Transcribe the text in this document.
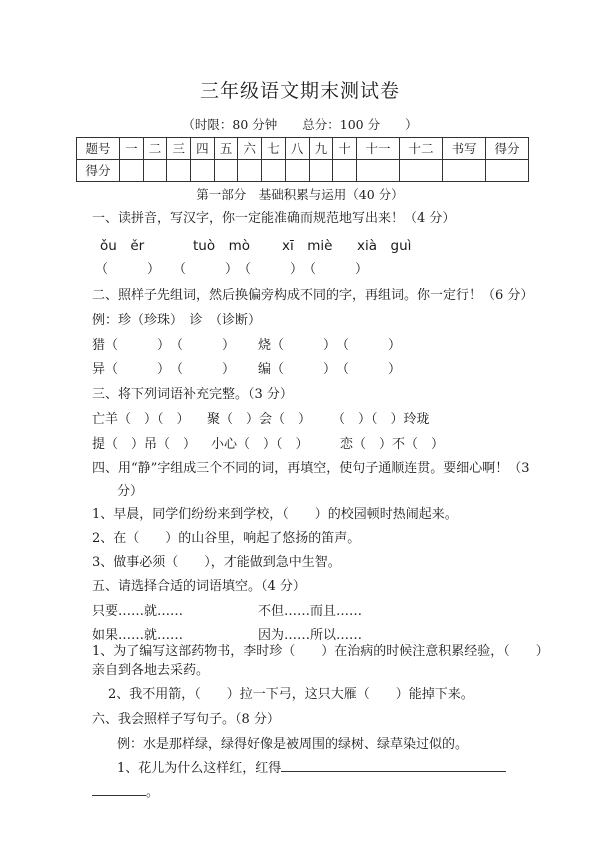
三年级语文期末测试卷
（时限：80 分钟　　总分：100 分　　）
题号	一	二	三	四	五	六	七	八	九	十	十一	十二	书写	得分
得分														
第一部分　基础积累与运用（40 分）
一、读拼音，写汉字，你一定能准确而规范地写出来！（4 分）
ǒu　ěr	tuò　mò xī　miè xià　guì
（　　　）　　（　　　）　（　　　）　（　　　）
二、照样子先组词，然后换偏旁构成不同的字，再组词。你一定行！（6 分）
例：珍（珍珠）　诊　（诊断）
猎（　　　）　（　　　） 烧（　　　）　（　　　）
异（　　　）　（　　　） 编（　　　）　（　　　）
三、将下列词语补充完整。（3 分）
亡羊（　）（　） 聚（　）会（　） （　）（　）玲珑
提（　）吊（　） 小心（　）（　） 恋（　）不（　）
四、用“静”字组成三个不同的词，再填空，使句子通顺连贯。要细心啊！（3
分）
1、早晨，同学们纷纷来到学校，（　　）的校园顿时热闹起来。
2、在（　　）的山谷里，响起了悠扬的笛声。
3、做事必须（　　），才能做到急中生智。
五、请选择合适的词语填空。（4 分）
只要……就……	不但……而且……
如果……就……	因为……所以……
1、为了编写这部药物书，李时珍（　　）在治病的时候注意积累经验，（　　）
亲自到各地去采药。
2、我不用箭，（　　）拉一下弓，这只大雁（　　）能掉下来。
六、我会照样子写句子。（8 分）
例：水是那样绿，绿得好像是被周围的绿树、绿草染过似的。
1、花儿为什么这样红，红得
。
